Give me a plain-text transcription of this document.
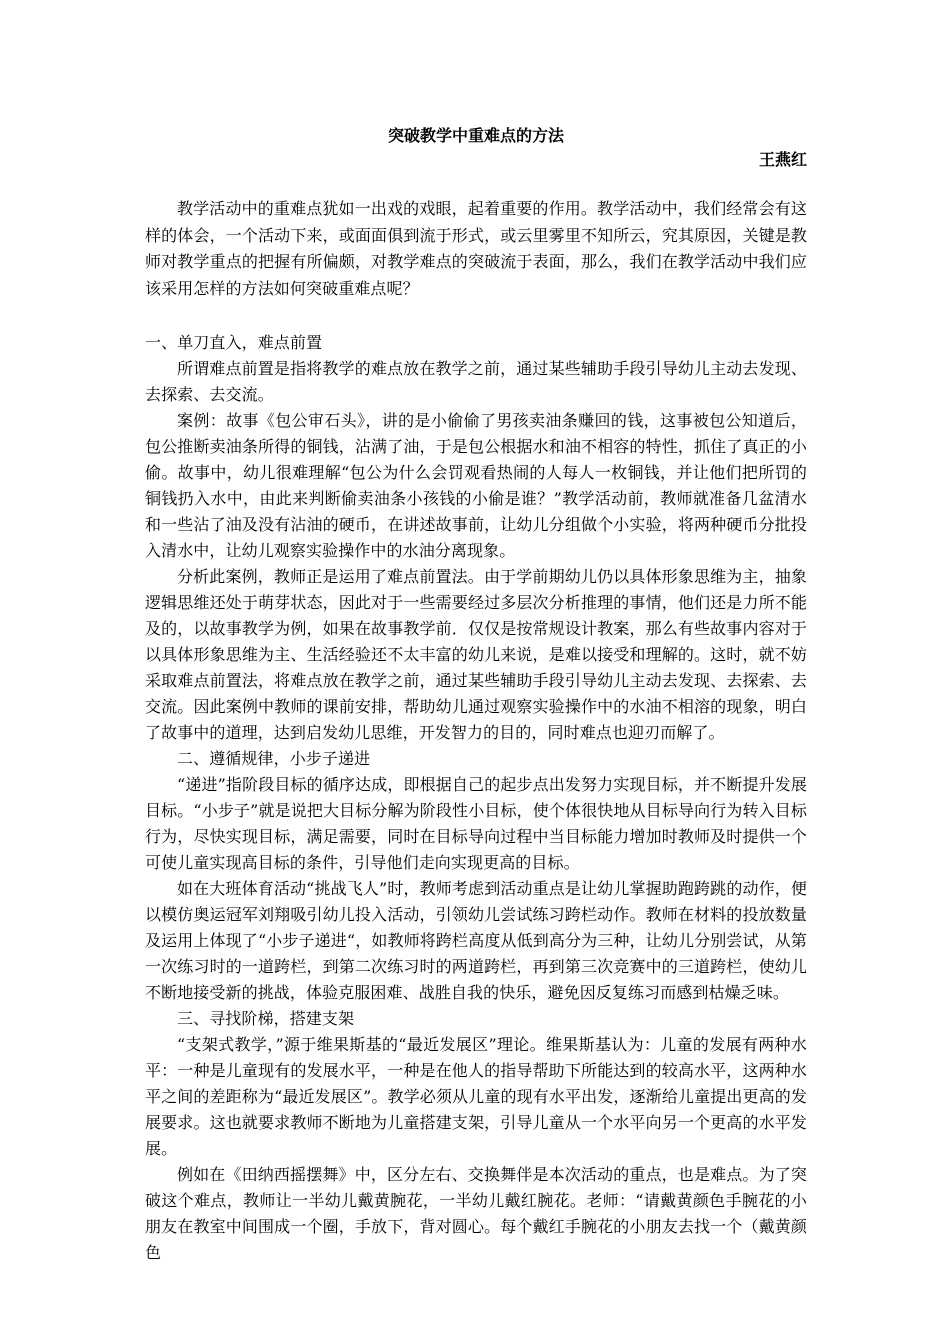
突破教学中重难点的方法
王燕红

教学活动中的重难点犹如一出戏的戏眼，起着重要的作用。教学活动中，我们经常会有这样的体会，一个活动下来，或面面俱到流于形式，或云里雾里不知所云，究其原因，关键是教师对教学重点的把握有所偏颇，对教学难点的突破流于表面，那么，我们在教学活动中我们应该采用怎样的方法如何突破重难点呢？

一、单刀直入，难点前置

所谓难点前置是指将教学的难点放在教学之前，通过某些辅助手段引导幼儿主动去发现、去探索、去交流。

案例：故事《包公审石头》，讲的是小偷偷了男孩卖油条赚回的钱，这事被包公知道后，包公推断卖油条所得的铜钱，沾满了油，于是包公根据水和油不相容的特性，抓住了真正的小偷。故事中，幼儿很难理解“包公为什么会罚观看热闹的人每人一枚铜钱，并让他们把所罚的铜钱扔入水中，由此来判断偷卖油条小孩钱的小偷是谁？”教学活动前，教师就准备几盆清水和一些沾了油及没有沾油的硬币，在讲述故事前，让幼儿分组做个小实验，将两种硬币分批投入清水中，让幼儿观察实验操作中的水油分离现象。

分析此案例，教师正是运用了难点前置法。由于学前期幼儿仍以具体形象思维为主，抽象逻辑思维还处于萌芽状态，因此对于一些需要经过多层次分析推理的事情，他们还是力所不能及的，以故事教学为例，如果在故事教学前．仅仅是按常规设计教案，那么有些故事内容对于以具体形象思维为主、生活经验还不太丰富的幼儿来说，是难以接受和理解的。这时，就不妨采取难点前置法，将难点放在教学之前，通过某些辅助手段引导幼儿主动去发现、去探索、去交流。因此案例中教师的课前安排，帮助幼儿通过观察实验操作中的水油不相溶的现象，明白了故事中的道理，达到启发幼儿思维，开发智力的目的，同时难点也迎刃而解了。

二、遵循规律，小步子递进

“递进”指阶段目标的循序达成，即根据自己的起步点出发努力实现目标，并不断提升发展目标。“小步子”就是说把大目标分解为阶段性小目标，使个体很快地从目标导向行为转入目标行为，尽快实现目标，满足需要，同时在目标导向过程中当目标能力增加时教师及时提供一个可使儿童实现高目标的条件，引导他们走向实现更高的目标。

如在大班体育活动“挑战飞人”时，教师考虑到活动重点是让幼儿掌握助跑跨跳的动作，便以模仿奥运冠军刘翔吸引幼儿投入活动，引领幼儿尝试练习跨栏动作。教师在材料的投放数量及运用上体现了“小步子递进“，如教师将跨栏高度从低到高分为三种，让幼儿分别尝试，从第一次练习时的一道跨栏，到第二次练习时的两道跨栏，再到第三次竞赛中的三道跨栏，使幼儿不断地接受新的挑战，体验克服困难、战胜自我的快乐，避免因反复练习而感到枯燥乏味。

三、寻找阶梯，搭建支架

“支架式教学，”源于维果斯基的“最近发展区”理论。维果斯基认为：儿童的发展有两种水平：一种是儿童现有的发展水平，一种是在他人的指导帮助下所能达到的较高水平，这两种水平之间的差距称为“最近发展区”。教学必须从儿童的现有水平出发，逐渐给儿童提出更高的发展要求。这也就要求教师不断地为儿童搭建支架，引导儿童从一个水平向另一个更高的水平发展。

例如在《田纳西摇摆舞》中，区分左右、交换舞伴是本次活动的重点，也是难点。为了突破这个难点，教师让一半幼儿戴黄腕花，一半幼儿戴红腕花。老师：“请戴黄颜色手腕花的小朋友在教室中间围成一个圈，手放下，背对圆心。每个戴红手腕花的小朋友去找一个（戴黄颜色
